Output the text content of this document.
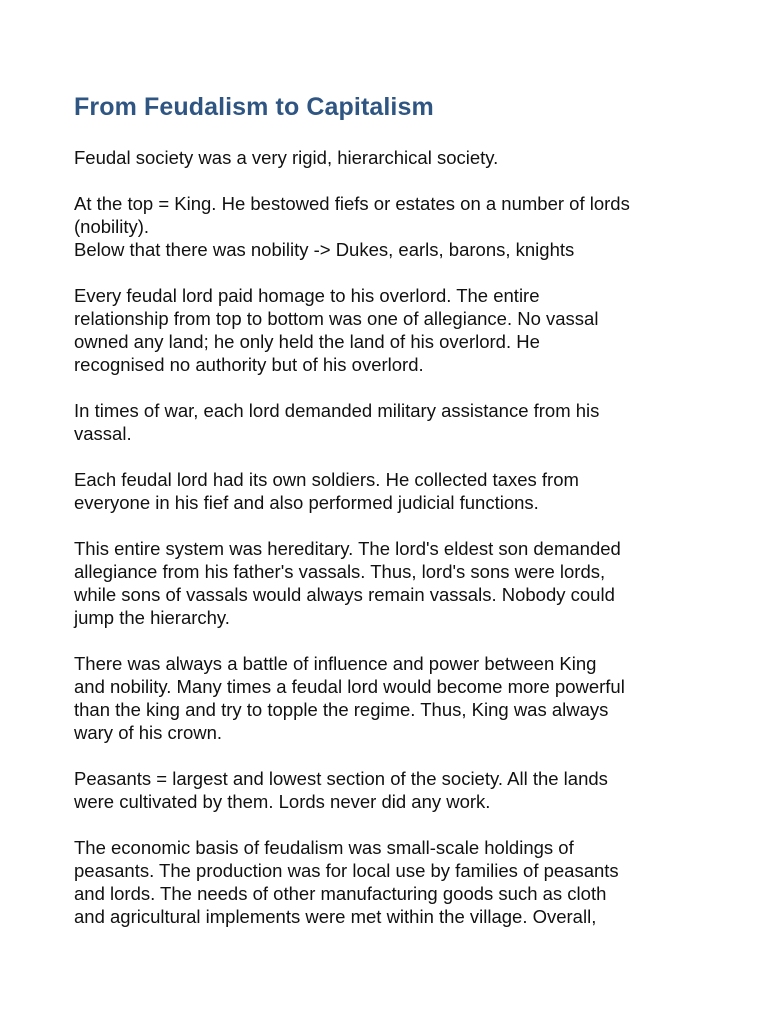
From Feudalism to Capitalism
Feudal society was a very rigid, hierarchical society.
At the top = King. He bestowed fiefs or estates on a number of lords
(nobility).
Below that there was nobility -> Dukes, earls, barons, knights
Every feudal lord paid homage to his overlord. The entire
relationship from top to bottom was one of allegiance. No vassal
owned any land; he only held the land of his overlord. He
recognised no authority but of his overlord.
In times of war, each lord demanded military assistance from his
vassal.
Each feudal lord had its own soldiers. He collected taxes from
everyone in his fief and also performed judicial functions.
This entire system was hereditary. The lord's eldest son demanded
allegiance from his father's vassals. Thus, lord's sons were lords,
while sons of vassals would always remain vassals. Nobody could
jump the hierarchy.
There was always a battle of influence and power between King
and nobility. Many times a feudal lord would become more powerful
than the king and try to topple the regime. Thus, King was always
wary of his crown.
Peasants = largest and lowest section of the society. All the lands
were cultivated by them. Lords never did any work.
The economic basis of feudalism was small-scale holdings of
peasants. The production was for local use by families of peasants
and lords. The needs of other manufacturing goods such as cloth
and agricultural implements were met within the village. Overall,
